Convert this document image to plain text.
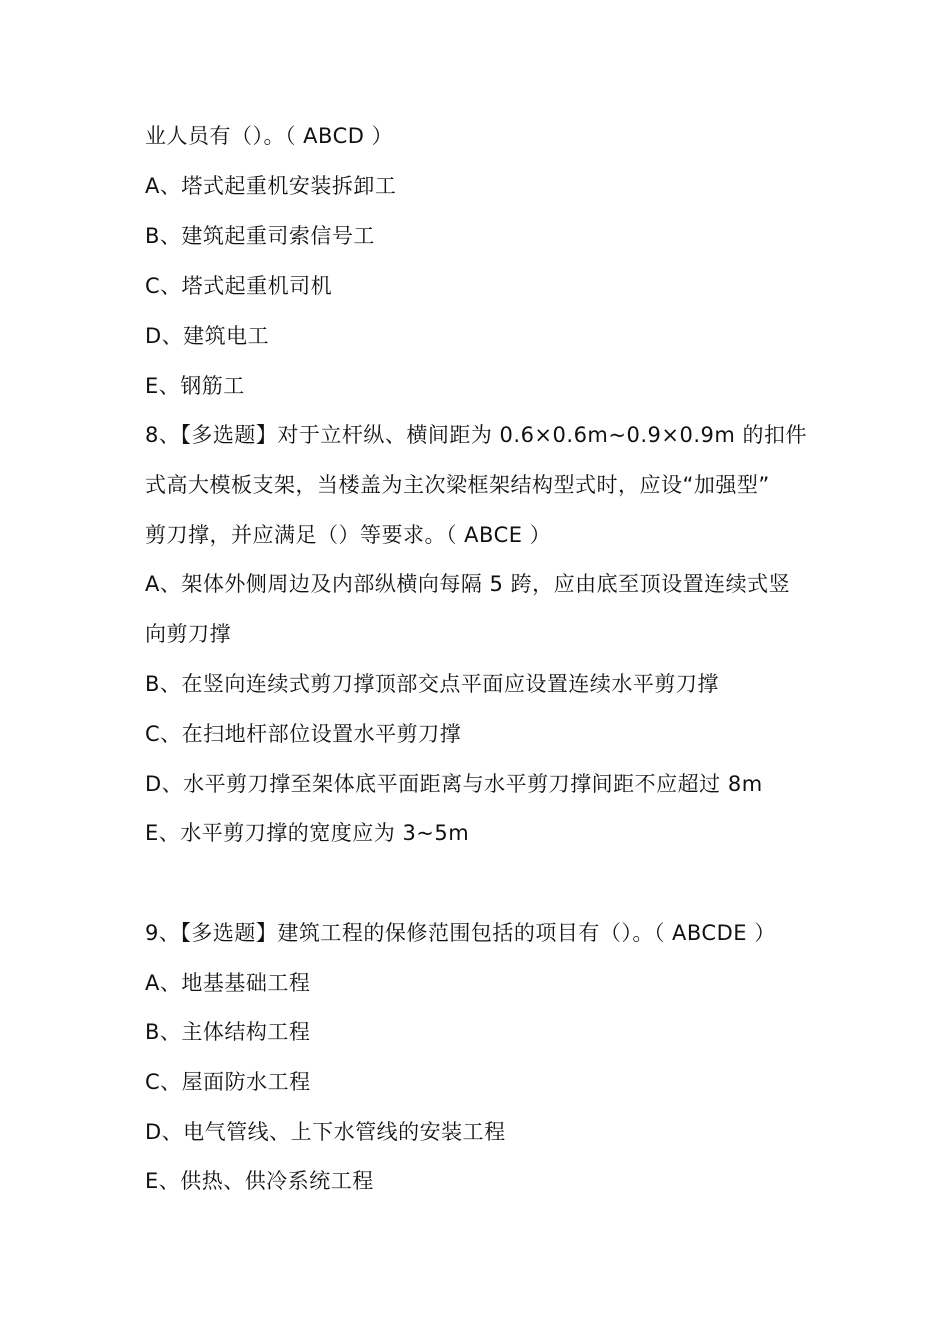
业人员有（）。（ ABCD ）
A、塔式起重机安装拆卸工
B、建筑起重司索信号工
C、塔式起重机司机
D、建筑电工
E、钢筋工
8、【多选题】对于立杆纵、横间距为 0.6×0.6m~0.9×0.9m 的扣件
式高大模板支架，当楼盖为主次梁框架结构型式时，应设“加强型”
剪刀撑，并应满足（）等要求。（ ABCE ）
A、架体外侧周边及内部纵横向每隔 5 跨，应由底至顶设置连续式竖
向剪刀撑
B、在竖向连续式剪刀撑顶部交点平面应设置连续水平剪刀撑
C、在扫地杆部位设置水平剪刀撑
D、水平剪刀撑至架体底平面距离与水平剪刀撑间距不应超过 8m
E、水平剪刀撑的宽度应为 3~5m
9、【多选题】建筑工程的保修范围包括的项目有（）。（ ABCDE ）
A、地基基础工程
B、主体结构工程
C、屋面防水工程
D、电气管线、上下水管线的安装工程
E、供热、供冷系统工程
